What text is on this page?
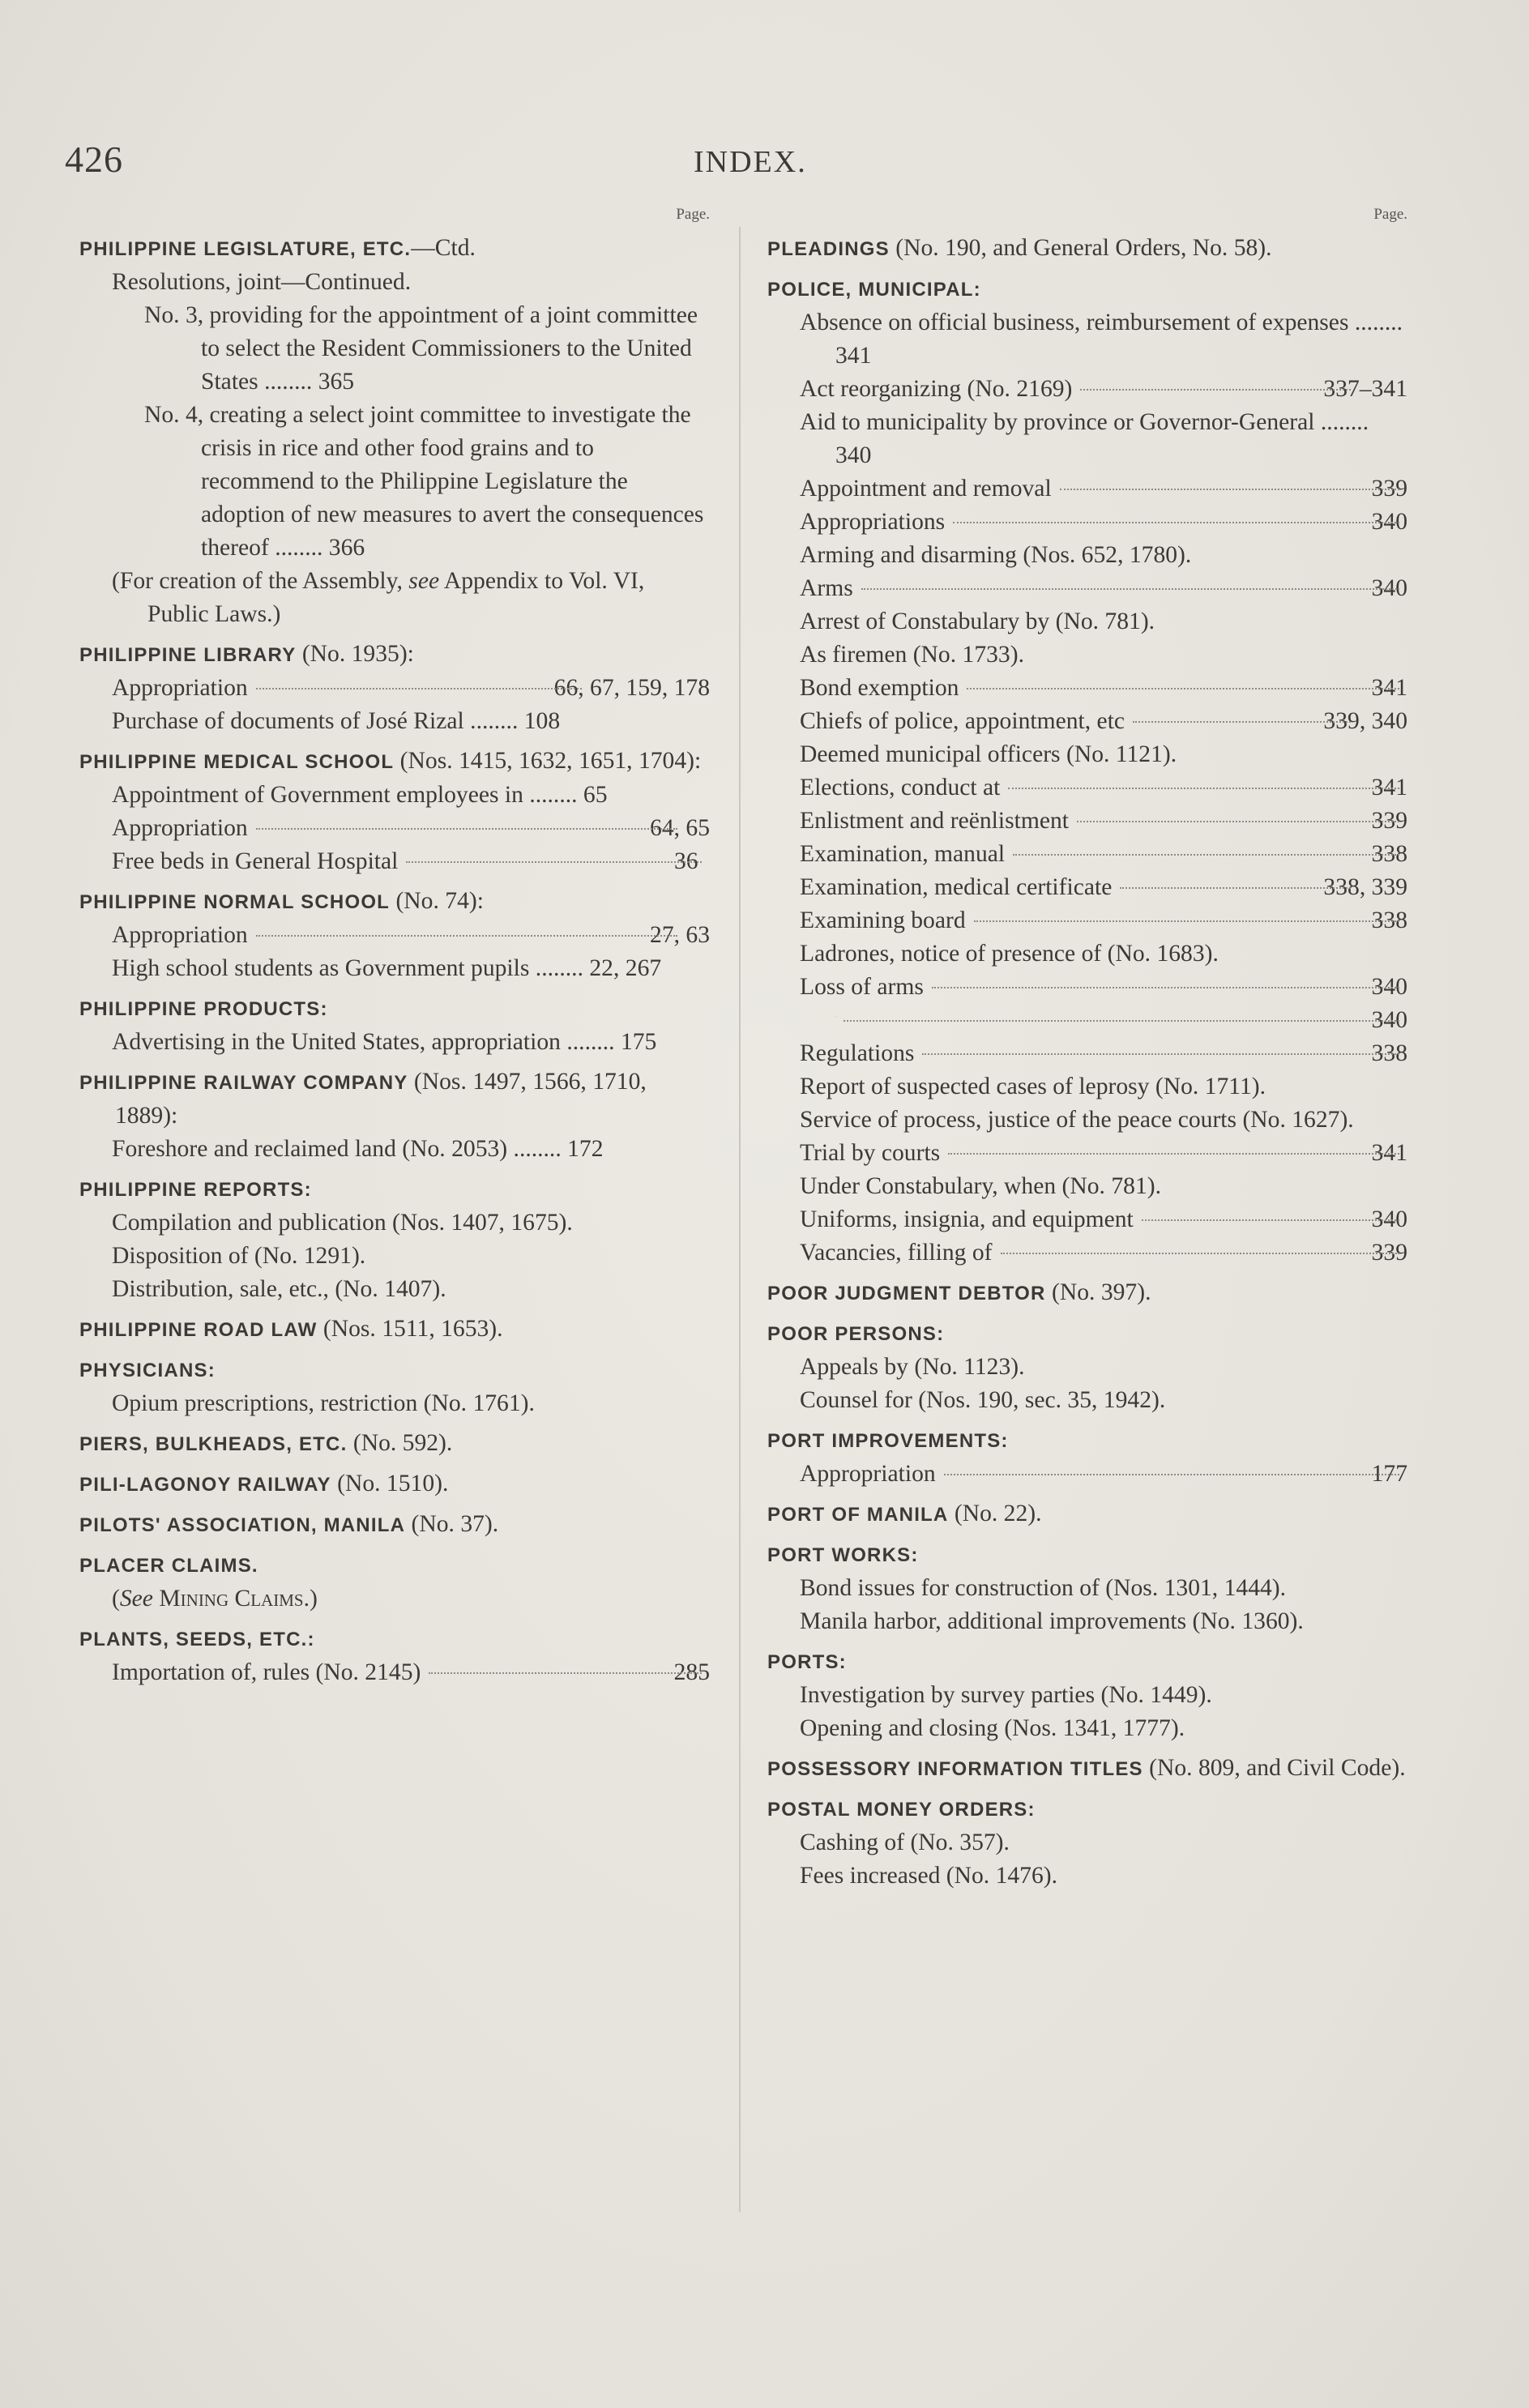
426	INDEX.
Page.

PHILIPPINE LEGISLATURE, ETC.—Ctd.

Resolutions, joint—Continued.

No. 3, providing for the appointment of a joint committee to select the Resident Commissioners to the United States ........ 365
No. 4, creating a select joint committee to investigate the crisis in rice and other food grains and to recommend to the Philippine Legislature the adoption of new measures to avert the consequences thereof ........ 366

(For creation of the Assembly, see Appendix to Vol. VI, Public Laws.)

PHILIPPINE LIBRARY (No. 1935):

Appropriation	66, 67, 159, 178
Purchase of documents of José Rizal ........ 108

PHILIPPINE MEDICAL SCHOOL (Nos. 1415, 1632, 1651, 1704):

Appointment of Government employees in ........ 65
Appropriation	64, 65
Free beds in General Hospital	36

PHILIPPINE NORMAL SCHOOL (No. 74):

Appropriation	27, 63
High school students as Government pupils ........ 22, 267

PHILIPPINE PRODUCTS:

Advertising in the United States, appropriation ........ 175

PHILIPPINE RAILWAY COMPANY (Nos. 1497, 1566, 1710, 1889):

Foreshore and reclaimed land (No. 2053) ........ 172

PHILIPPINE REPORTS:

Compilation and publication (Nos. 1407, 1675).

Disposition of (No. 1291).

Distribution, sale, etc., (No. 1407).

PHILIPPINE ROAD LAW (Nos. 1511, 1653).

PHYSICIANS:

Opium prescriptions, restriction (No. 1761).

PIERS, BULKHEADS, ETC. (No. 592).

PILI-LAGONOY RAILWAY (No. 1510).

PILOTS' ASSOCIATION, MANILA (No. 37).

PLACER CLAIMS.

(See Mining Claims.)

PLANTS, SEEDS, ETC.:

Importation of, rules (No. 2145)	285
Page.

PLEADINGS (No. 190, and General Orders, No. 58).

POLICE, MUNICIPAL:

Absence on official business, reimbursement of expenses ........ 341
Act reorganizing (No. 2169)	337–341
Aid to municipality by province or Governor-General ........ 340
Appointment and removal	339
Appropriations	340

Arming and disarming (Nos. 652, 1780).

Arms	340

Arrest of Constabulary by (No. 781).

As firemen (No. 1733).

Bond exemption	341
Chiefs of police, appointment, etc	339, 340

Deemed municipal officers (No. 1121).

Elections, conduct at	341
Enlistment and reënlistment	339
Examination, manual	338
Examination, medical certificate	338, 339
Examining board	338

Ladrones, notice of presence of (No. 1683).

Loss of arms	340
340
Regulations	338

Report of suspected cases of leprosy (No. 1711).

Service of process, justice of the peace courts (No. 1627).

Trial by courts	341

Under Constabulary, when (No. 781).

Uniforms, insignia, and equipment	340
Vacancies, filling of	339

POOR JUDGMENT DEBTOR (No. 397).

POOR PERSONS:

Appeals by (No. 1123).

Counsel for (Nos. 190, sec. 35, 1942).

PORT IMPROVEMENTS:

Appropriation	177

PORT OF MANILA (No. 22).

PORT WORKS:

Bond issues for construction of (Nos. 1301, 1444).

Manila harbor, additional improvements (No. 1360).

PORTS:

Investigation by survey parties (No. 1449).

Opening and closing (Nos. 1341, 1777).

POSSESSORY INFORMATION TITLES (No. 809, and Civil Code).

POSTAL MONEY ORDERS:

Cashing of (No. 357).

Fees increased (No. 1476).
